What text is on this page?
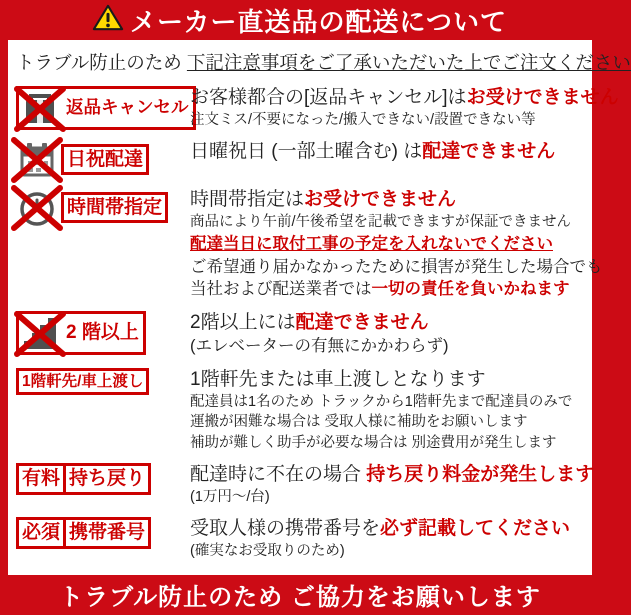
メーカー直送品の配送について

トラブル防止のため 下記注意事項をご了承いただいた上でご注文ください

返品キャンセル お客様都合の[返品キャンセル]はお受けできません
注文ミス/不要になった/搬入できない/設置できない等
日祝配達	日曜祝日 (一部土曜含む) は配達できません
時間帯指定	時間帯指定はお受けできません
商品により午前/午後希望を記載できますが保証できません
配達当日に取付工事の予定を入れないでください
ご希望通り届かなかったために損害が発生した場合でも
当社および配送業者では一切の責任を負いかねます
2 階以上	2階以上には配達できません
(エレベーターの有無にかかわらず)
1階軒先/車上渡し	1階軒先または車上渡しとなります
配達員は1名のため トラックから1階軒先まで配達員のみで
運搬が困難な場合は 受取人様に補助をお願いします
補助が難しく助手が必要な場合は 別途費用が発生します
有料 持ち戻り	配達時に不在の場合 持ち戻り料金が発生します
(1万円～/台)
必須 携帯番号	受取人様の携帯番号を必ず記載してください
(確実なお受取りのため)
トラブル防止のため ご協力をお願いします
